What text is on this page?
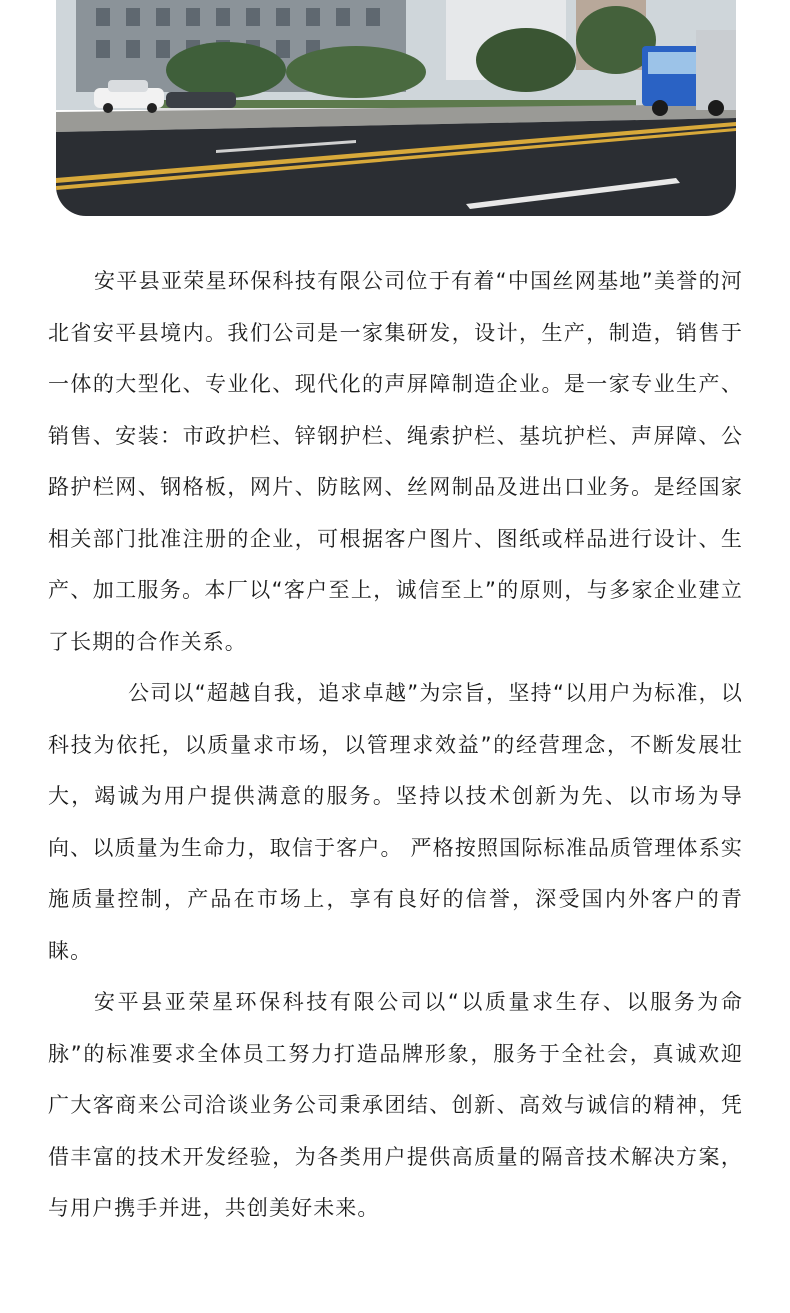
安平县亚荣星环保科技有限公司位于有着“中国丝网基地”美誉的河北省安平县境内。我们公司是一家集研发，设计，生产，制造，销售于一体的大型化、专业化、现代化的声屏障制造企业。是一家专业生产、销售、安装：市政护栏、锌钢护栏、绳索护栏、基坑护栏、声屏障、公路护栏网、钢格板，网片、防眩网、丝网制品及进出口业务。是经国家相关部门批准注册的企业，可根据客户图片、图纸或样品进行设计、生产、加工服务。本厂以“客户至上，诚信至上”的原则，与多家企业建立了长期的合作关系。

公司以“超越自我，追求卓越”为宗旨，坚持“以用户为标准，以科技为依托，以质量求市场，以管理求效益”的经营理念，不断发展壮大，竭诚为用户提供满意的服务。坚持以技术创新为先、以市场为导向、以质量为生命力，取信于客户。 严格按照国际标准品质管理体系实施质量控制，产品在市场上，享有良好的信誉，深受国内外客户的青睐。

安平县亚荣星环保科技有限公司以“以质量求生存、以服务为命脉”的标准要求全体员工努力打造品牌形象，服务于全社会，真诚欢迎广大客商来公司洽谈业务公司秉承团结、创新、高效与诚信的精神，凭借丰富的技术开发经验，为各类用户提供高质量的隔音技术解决方案，与用户携手并进，共创美好未来。
